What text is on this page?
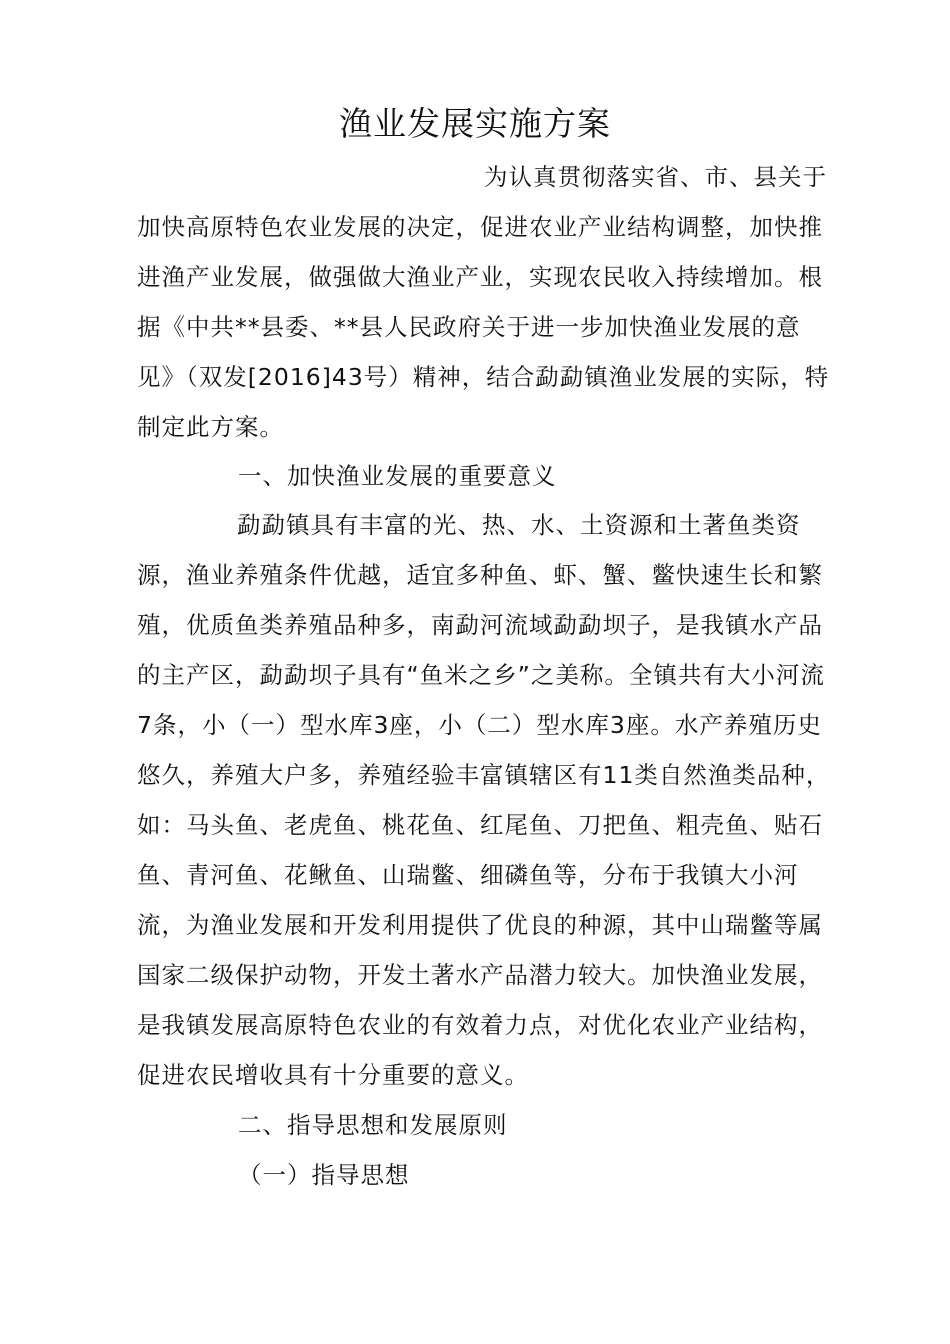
渔业发展实施方案
为认真贯彻落实省、市、县关于加快高原特色农业发展的决定，促进农业产业结构调整，加快推进渔产业发展，做强做大渔业产业，实现农民收入持续增加。根据《中共**县委、**县人民政府关于进一步加快渔业发展的意见》（双发[2016]43号）精神，结合勐勐镇渔业发展的实际，特制定此方案。
一、加快渔业发展的重要意义
勐勐镇具有丰富的光、热、水、土资源和土著鱼类资源，渔业养殖条件优越，适宜多种鱼、虾、蟹、鳖快速生长和繁殖，优质鱼类养殖品种多，南勐河流域勐勐坝子，是我镇水产品的主产区，勐勐坝子具有“鱼米之乡”之美称。全镇共有大小河流7条，小（一）型水库3座，小（二）型水库3座。水产养殖历史悠久，养殖大户多，养殖经验丰富镇辖区有11类自然渔类品种，如：马头鱼、老虎鱼、桃花鱼、红尾鱼、刀把鱼、粗壳鱼、贴石鱼、青河鱼、花鳅鱼、山瑞鳖、细磷鱼等，分布于我镇大小河流，为渔业发展和开发利用提供了优良的种源，其中山瑞鳖等属国家二级保护动物，开发土著水产品潜力较大。加快渔业发展，是我镇发展高原特色农业的有效着力点，对优化农业产业结构，促进农民增收具有十分重要的意义。
二、指导思想和发展原则
（一）指导思想
